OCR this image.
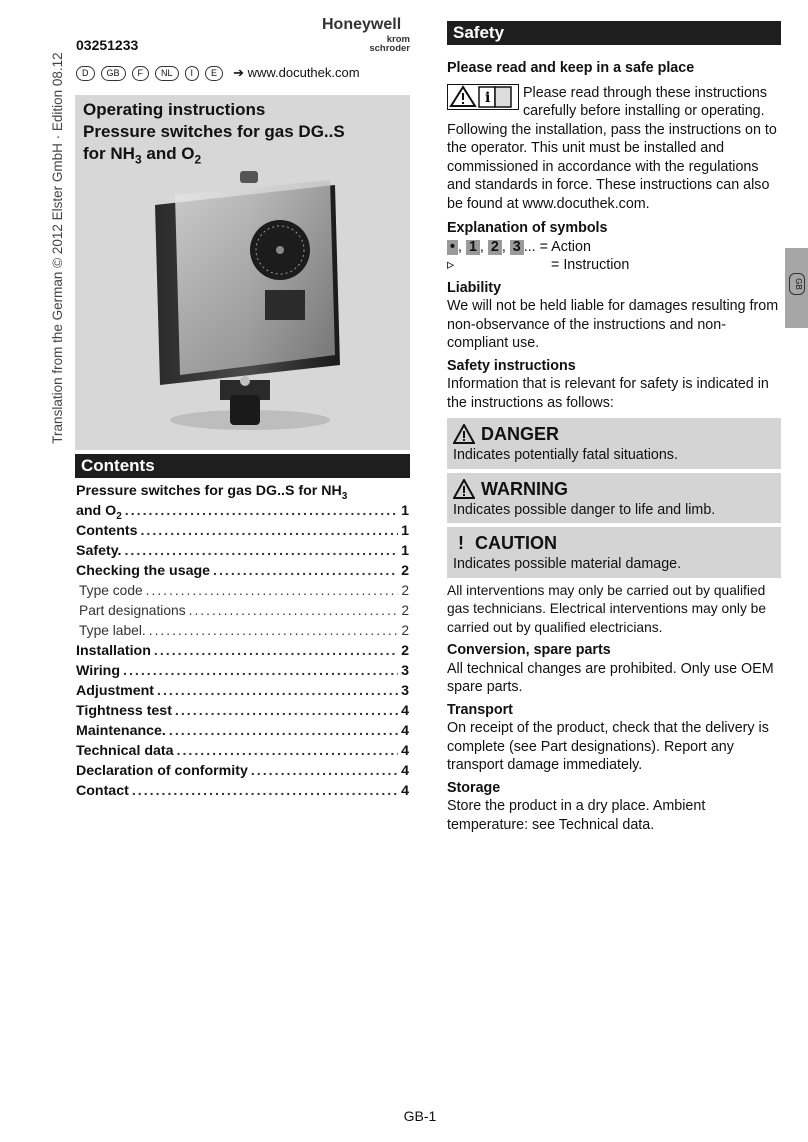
Translation from the German © 2012 Elster GmbH · Edition 08.12
03251233
Honeywell
krom schroder
D	GB	F	NL	I	E	➔ www.docuthek.com
Operating instructions
Pressure switches for gas DG..S
for $NH_3$ and $O_2$
Contents
Pressure switches for gas DG..S for $NH_3$
and $O_2$ .....	1
Contents .....	1
Safety. .....	1
Checking the usage .....	2
Type code .....	2
Part designations .....	2
Type label. .....	2
Installation .....	2
Wiring .....	3
Adjustment .....	3
Tightness test .....	4
Maintenance. .....	4
Technical data .....	4
Declaration of conformity .....	4
Contact .....	4
Safety

Please read and keep in a safe place

i Please read through these instructions carefully before installing or operating. Following the installation, pass the instructions on to the operator. This unit must be installed and commissioned in accordance with the regulations and standards in force. These instructions can also be found at www.docuthek.com.

Explanation of symbols

• , 1 , 2 , 3 ... = Action
▹	= Instruction

Liability

We will not be held liable for damages resulting from non-observance of the instructions and non-compliant use.

Safety instructions

Information that is relevant for safety is indicated in the instructions as follows:

DANGER
Indicates potentially fatal situations.
WARNING
Indicates possible danger to life and limb.
! CAUTION
Indicates possible material damage.

All interventions may only be carried out by qualified gas technicians. Electrical interventions may only be carried out by qualified electricians.

Conversion, spare parts

All technical changes are prohibited. Only use OEM spare parts.

Transport

On receipt of the product, check that the delivery is complete (see Part designations). Report any transport damage immediately.

Storage

Store the product in a dry place. Ambient temperature: see Technical data.

GB
GB-1
